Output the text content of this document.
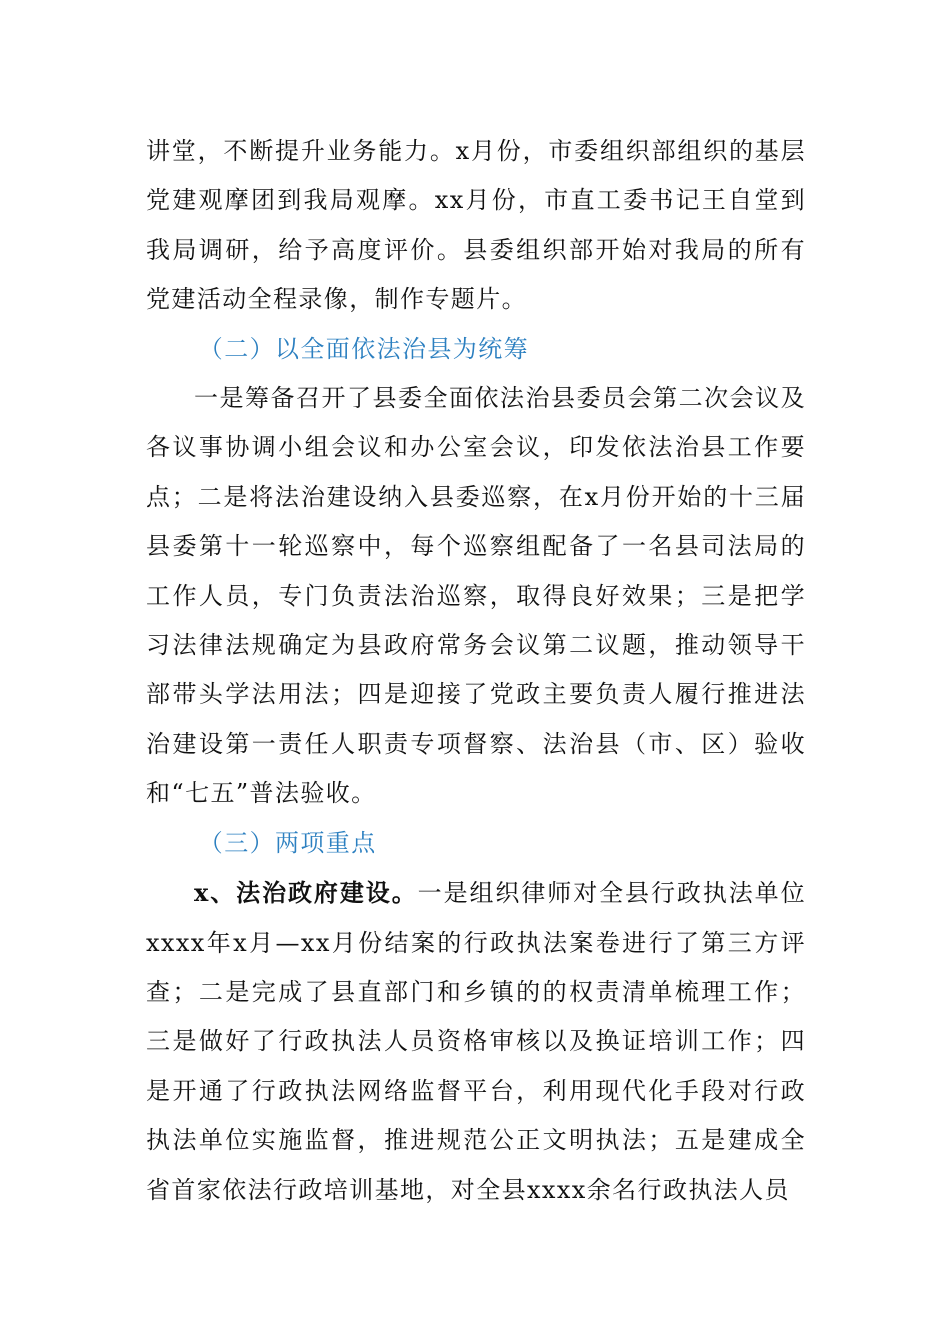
讲堂，不断提升业务能力。x月份，市委组织部组织的基层党建观摩团到我局观摩。xx月份，市直工委书记王自堂到我局调研，给予高度评价。县委组织部开始对我局的所有党建活动全程录像，制作专题片。

（二）以全面依法治县为统筹

一是筹备召开了县委全面依法治县委员会第二次会议及各议事协调小组会议和办公室会议，印发依法治县工作要点；二是将法治建设纳入县委巡察，在x月份开始的十三届县委第十一轮巡察中，每个巡察组配备了一名县司法局的工作人员，专门负责法治巡察，取得良好效果；三是把学习法律法规确定为县政府常务会议第二议题，推动领导干部带头学法用法；四是迎接了党政主要负责人履行推进法治建设第一责任人职责专项督察、法治县（市、区）验收和“七五”普法验收。

（三）两项重点

x、法治政府建设。一是组织律师对全县行政执法单位xxxx年x月—xx月份结案的行政执法案卷进行了第三方评查；二是完成了县直部门和乡镇的的权责清单梳理工作；三是做好了行政执法人员资格审核以及换证培训工作；四是开通了行政执法网络监督平台，利用现代化手段对行政执法单位实施监督，推进规范公正文明执法；五是建成全省首家依法行政培训基地，对全县xxxx余名行政执法人员
